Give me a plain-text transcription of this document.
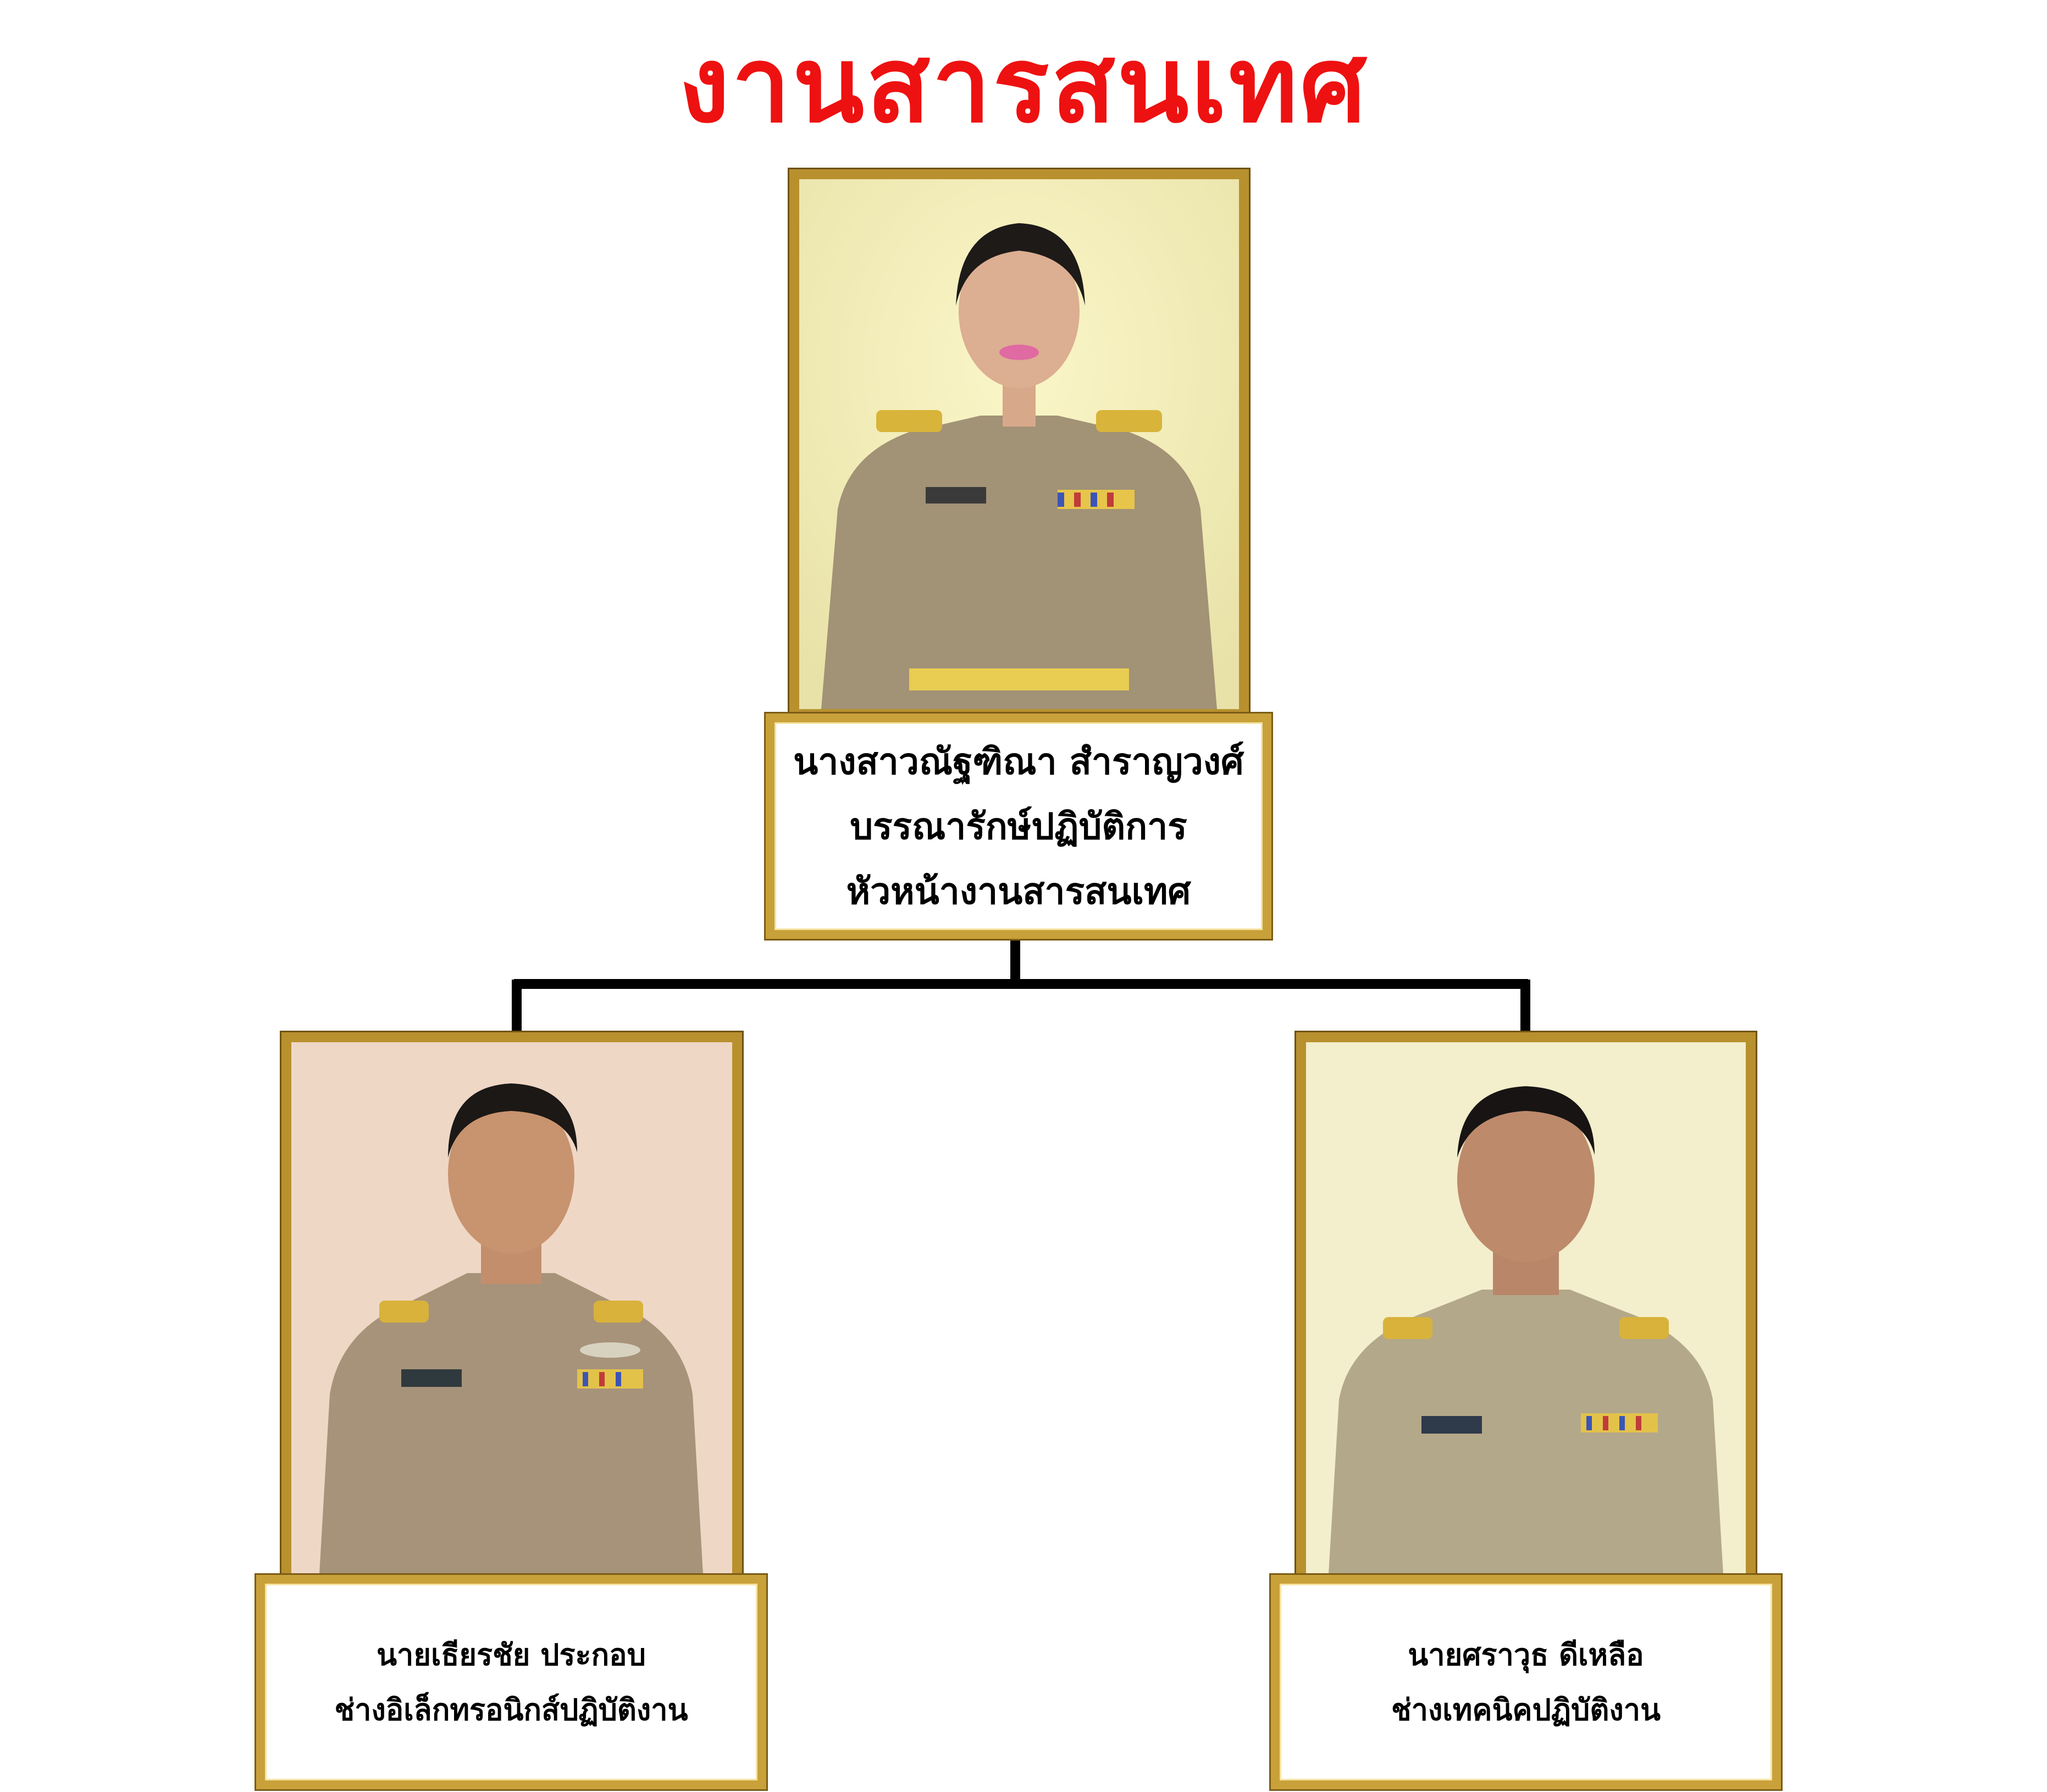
งานสารสนเทศ
นางสาวณัฐฑิณา สำราญวงศ์
บรรณารักษ์ปฏิบัติการ
หัวหน้างานสารสนเทศ
นายเธียรชัย ประกอบ
ช่างอิเล็กทรอนิกส์ปฏิบัติงาน
นายศราวุธ ดีเหลือ
ช่างเทคนิคปฏิบัติงาน
